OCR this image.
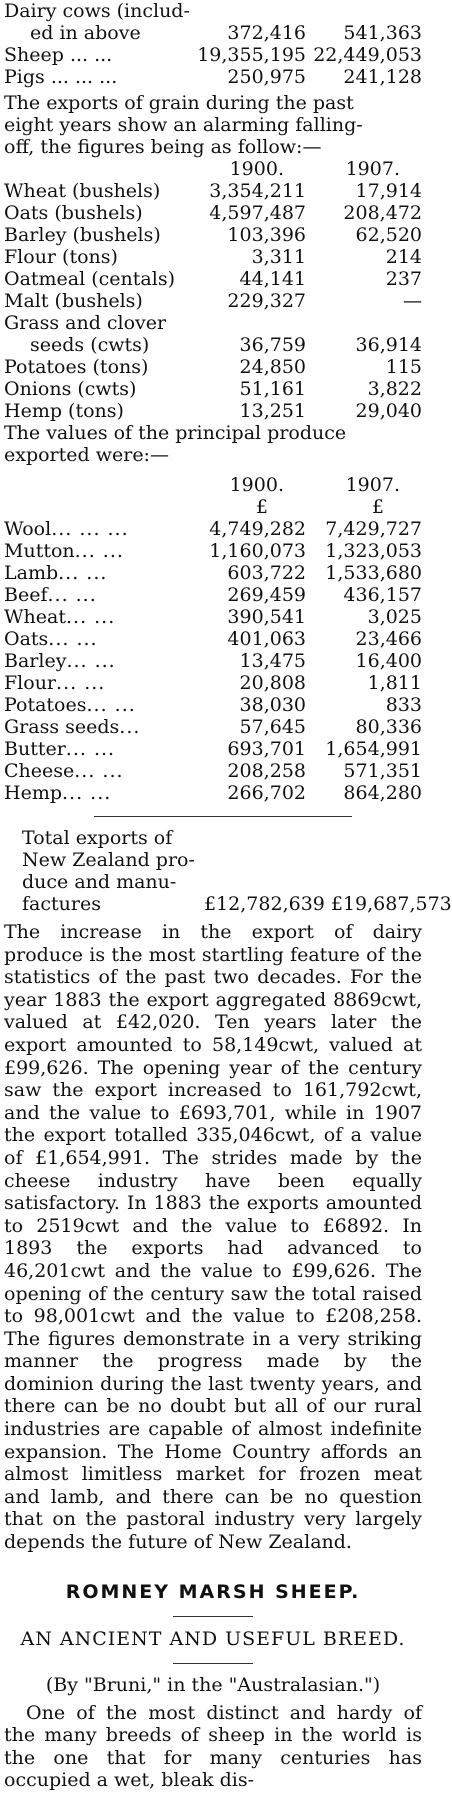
Dairy cows (includ-
ed in above	372,416	541,363
Sheep ... ...	19,355,195 22,449,053
Pigs ... ... ...	250,975	241,128
The exports of grain during the past
eight years show an alarming falling-
off, the figures being as follow:—
1900.	1907.
Wheat (bushels)	3,354,211	17,914
Oats (bushels)	4,597,487	208,472
Barley (bushels)	103,396	62,520
Flour (tons)	3,311	214
Oatmeal (centals)	44,141	237
Malt (bushels)	229,327	—
Grass and clover
seeds (cwts)	36,759	36,914
Potatoes (tons)	24,850	115
Onions (cwts)	51,161	3,822
Hemp (tons)	13,251	29,040
The values of the principal produce
exported were:—
1900.	1907.
£	£
Wool ... ... ...	4,749,282	7,429,727
Mutton ... ...	1,160,073	1,323,053
Lamb ... ...	603,722	1,533,680
Beef ... ...	269,459	436,157
Wheat ... ...	390,541	3,025
Oats ... ...	401,063	23,466
Barley ... ...	13,475	16,400
Flour ... ...	20,808	1,811
Potatoes ... ...	38,030	833
Grass seeds ...	57,645	80,336
Butter ... ...	693,701	1,654,991
Cheese ... ...	208,258	571,351
Hemp ... ...	266,702	864,280
Total exports of
New Zealand pro-
duce and manu-
factures	£12,782,639 £19,687,573

The increase in the export of dairy produce is the most startling feature of the statistics of the past two decades. For the year 1883 the export aggregated 8869cwt, valued at £42,020. Ten years later the export amounted to 58,149cwt, valued at £99,626. The opening year of the century saw the export increased to 161,792cwt, and the value to £693,701, while in 1907 the export totalled 335,046cwt, of a value of £1,654,991. The strides made by the cheese industry have been equally satisfactory. In 1883 the exports amounted to 2519cwt and the value to £6892. In 1893 the exports had advanced to 46,201cwt and the value to £99,626. The opening of the century saw the total raised to 98,001cwt and the value to £208,258. The figures demonstrate in a very striking manner the progress made by the dominion during the last twenty years, and there can be no doubt but all of our rural industries are capable of almost indefinite expansion. The Home Country affords an almost limitless market for frozen meat and lamb, and there can be no question that on the pastoral industry very largely depends the future of New Zealand.

ROMNEY MARSH SHEEP.
AN ANCIENT AND USEFUL BREED.
(By "Bruni," in the "Australasian.")

One of the most distinct and hardy of the many breeds of sheep in the world is the one that for many centuries has occupied a wet, bleak dis-
